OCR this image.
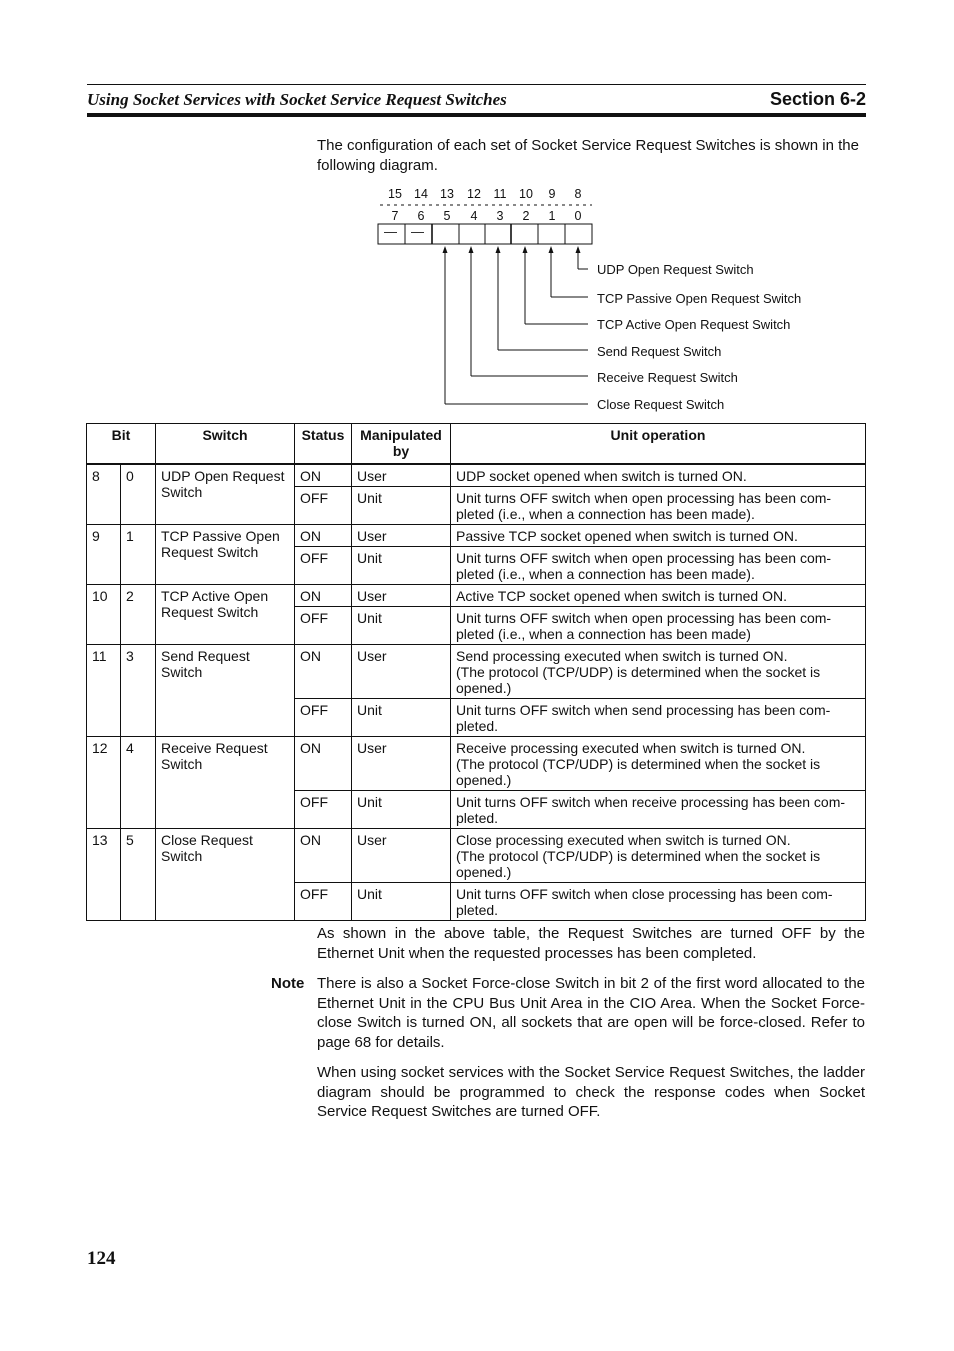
Using Socket Services with Socket Service Request Switches	Section 6-2
The configuration of each set of Socket Service Request Switches is shown in the following diagram.
15 14 13 12 11 10	9	8
7	6	5	4	3	2	1	0
— —
UDP Open Request Switch
TCP Passive Open Request Switch
TCP Active Open Request Switch
Send Request Switch
Receive Request Switch
Close Request Switch
Bit		Switch	Status	Manipulated by	Unit operation
8	0	UDP Open Request Switch	ON	User	UDP socket opened when switch is turned ON.
			OFF	Unit	Unit turns OFF switch when open processing has been com-
pleted (i.e., when a connection has been made).
9	1	TCP Passive Open Request Switch	ON	User	Passive TCP socket opened when switch is turned ON.
			OFF	Unit	Unit turns OFF switch when open processing has been com-
pleted (i.e., when a connection has been made).
10	2	TCP Active Open Request Switch	ON	User	Active TCP socket opened when switch is turned ON.
			OFF	Unit	Unit turns OFF switch when open processing has been com-
pleted (i.e., when a connection has been made)
11	3	Send Request Switch	ON	User	Send processing executed when switch is turned ON.
(The protocol (TCP/UDP) is determined when the socket is
opened.)
			OFF	Unit	Unit turns OFF switch when send processing has been com-
pleted.
12	4	Receive Request Switch	ON	User	Receive processing executed when switch is turned ON.
(The protocol (TCP/UDP) is determined when the socket is
opened.)
			OFF	Unit	Unit turns OFF switch when receive processing has been com-
pleted.
13	5	Close Request Switch	ON	User	Close processing executed when switch is turned ON.
(The protocol (TCP/UDP) is determined when the socket is
opened.)
			OFF	Unit	Unit turns OFF switch when close processing has been com-
pleted.
As shown in the above table, the Request Switches are turned OFF by the Ethernet Unit when the requested processes has been completed.
Note There is also a Socket Force-close Switch in bit 2 of the first word allocated to the Ethernet Unit in the CPU Bus Unit Area in the CIO Area. When the Socket Force-close Switch is turned ON, all sockets that are open will be force-closed. Refer to page 68 for details.
When using socket services with the Socket Service Request Switches, the ladder diagram should be programmed to check the response codes when Socket Service Request Switches are turned OFF.
124
